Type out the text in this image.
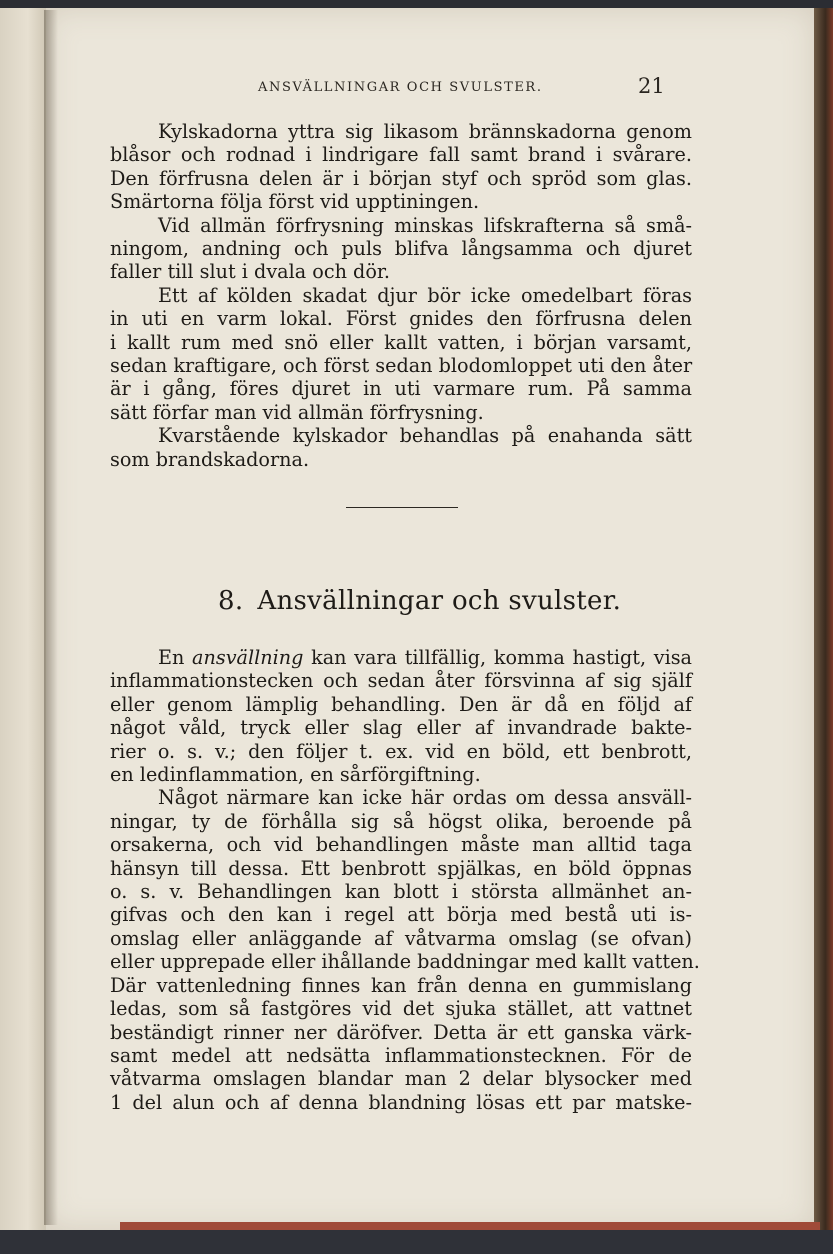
ANSVÄLLNINGAR OCH SVULSTER.	21
Kylskadorna yttra sig likasom brännskadorna genom
blåsor och rodnad i lindrigare fall samt brand i svårare.
Den förfrusna delen är i början styf och spröd som glas.
Smärtorna följa först vid upptiningen.
Vid allmän förfrysning minskas lifskrafterna så små-
ningom, andning och puls blifva långsamma och djuret
faller till slut i dvala och dör.
Ett af kölden skadat djur bör icke omedelbart föras
in uti en varm lokal. Först gnides den förfrusna delen
i kallt rum med snö eller kallt vatten, i början varsamt,
sedan kraftigare, och först sedan blodomloppet uti den åter
är i gång, föres djuret in uti varmare rum. På samma
sätt förfar man vid allmän förfrysning.
Kvarstående kylskador behandlas på enahanda sätt
som brandskadorna.
8. Ansvällningar och svulster.
En ansvällning kan vara tillfällig, komma hastigt, visa
inflammationstecken och sedan åter försvinna af sig själf
eller genom lämplig behandling. Den är då en följd af
något våld, tryck eller slag eller af invandrade bakte-
rier o. s. v.; den följer t. ex. vid en böld, ett benbrott,
en ledinflammation, en sårförgiftning.
Något närmare kan icke här ordas om dessa ansväll-
ningar, ty de förhålla sig så högst olika, beroende på
orsakerna, och vid behandlingen måste man alltid taga
hänsyn till dessa. Ett benbrott spjälkas, en böld öppnas
o. s. v. Behandlingen kan blott i största allmänhet an-
gifvas och den kan i regel att börja med bestå uti is-
omslag eller anläggande af våtvarma omslag (se ofvan)
eller upprepade eller ihållande baddningar med kallt vatten.
Där vattenledning finnes kan från denna en gummislang
ledas, som så fastgöres vid det sjuka stället, att vattnet
beständigt rinner ner däröfver. Detta är ett ganska värk-
samt medel att nedsätta inflammationstecknen. För de
våtvarma omslagen blandar man 2 delar blysocker med
1 del alun och af denna blandning lösas ett par matske-
